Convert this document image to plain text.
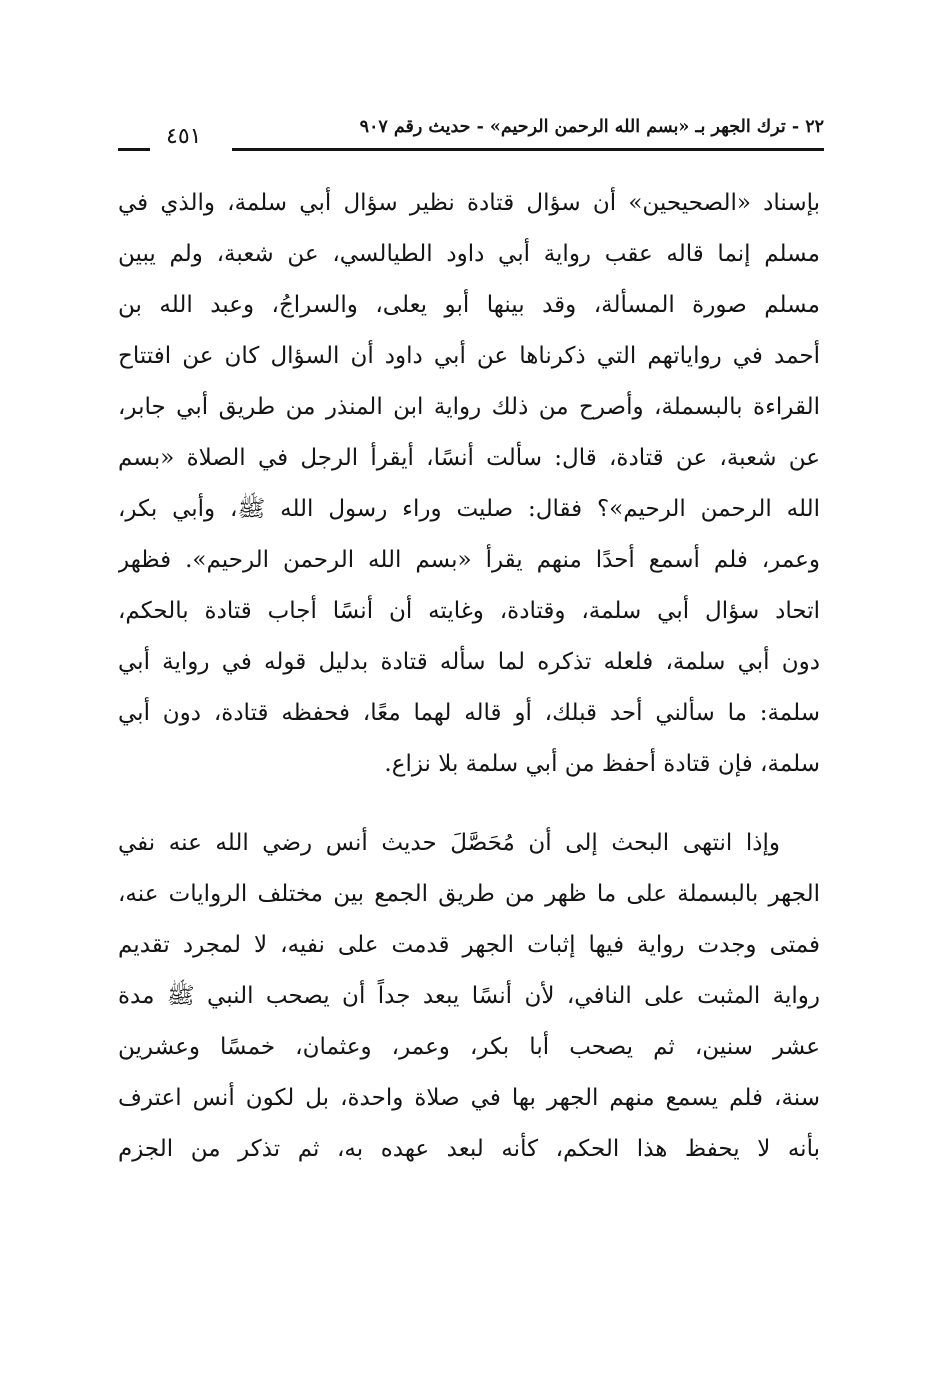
٢٢ - ترك الجهر بـ «بسم الله الرحمن الرحيم» - حديث رقم ٩٠٧
٤٥١
بإسناد «الصحيحين» أن سؤال قتادة نظير سؤال أبي سلمة، والذي في
مسلم إنما قاله عقب رواية أبي داود الطيالسي، عن شعبة، ولم يبين
مسلم صورة المسألة، وقد بينها أبو يعلى، والسراجُ، وعبد الله بن
أحمد في رواياتهم التي ذكرناها عن أبي داود أن السؤال كان عن افتتاح
القراءة بالبسملة، وأصرح من ذلك رواية ابن المنذر من طريق أبي جابر،
عن شعبة، عن قتادة، قال: سألت أنسًا، أيقرأ الرجل في الصلاة «بسم
الله الرحمن الرحيم»؟ فقال: صليت وراء رسول الله ﷺ، وأبي بكر،
وعمر، فلم أسمع أحدًا منهم يقرأ «بسم الله الرحمن الرحيم». فظهر
اتحاد سؤال أبي سلمة، وقتادة، وغايته أن أنسًا أجاب قتادة بالحكم،
دون أبي سلمة، فلعله تذكره لما سأله قتادة بدليل قوله في رواية أبي
سلمة: ما سألني أحد قبلك، أو قاله لهما معًا، فحفظه قتادة، دون أبي
سلمة، فإن قتادة أحفظ من أبي سلمة بلا نزاع.
وإذا انتهى البحث إلى أن مُحَصَّلَ حديث أنس رضي الله عنه نفي
الجهر بالبسملة على ما ظهر من طريق الجمع بين مختلف الروايات عنه،
فمتى وجدت رواية فيها إثبات الجهر قدمت على نفيه، لا لمجرد تقديم
رواية المثبت على النافي، لأن أنسًا يبعد جداً أن يصحب النبي ﷺ مدة
عشر سنين، ثم يصحب أبا بكر، وعمر، وعثمان، خمسًا وعشرين
سنة، فلم يسمع منهم الجهر بها في صلاة واحدة، بل لكون أنس اعترف
بأنه لا يحفظ هذا الحكم، كأنه لبعد عهده به، ثم تذكر من الجزم
